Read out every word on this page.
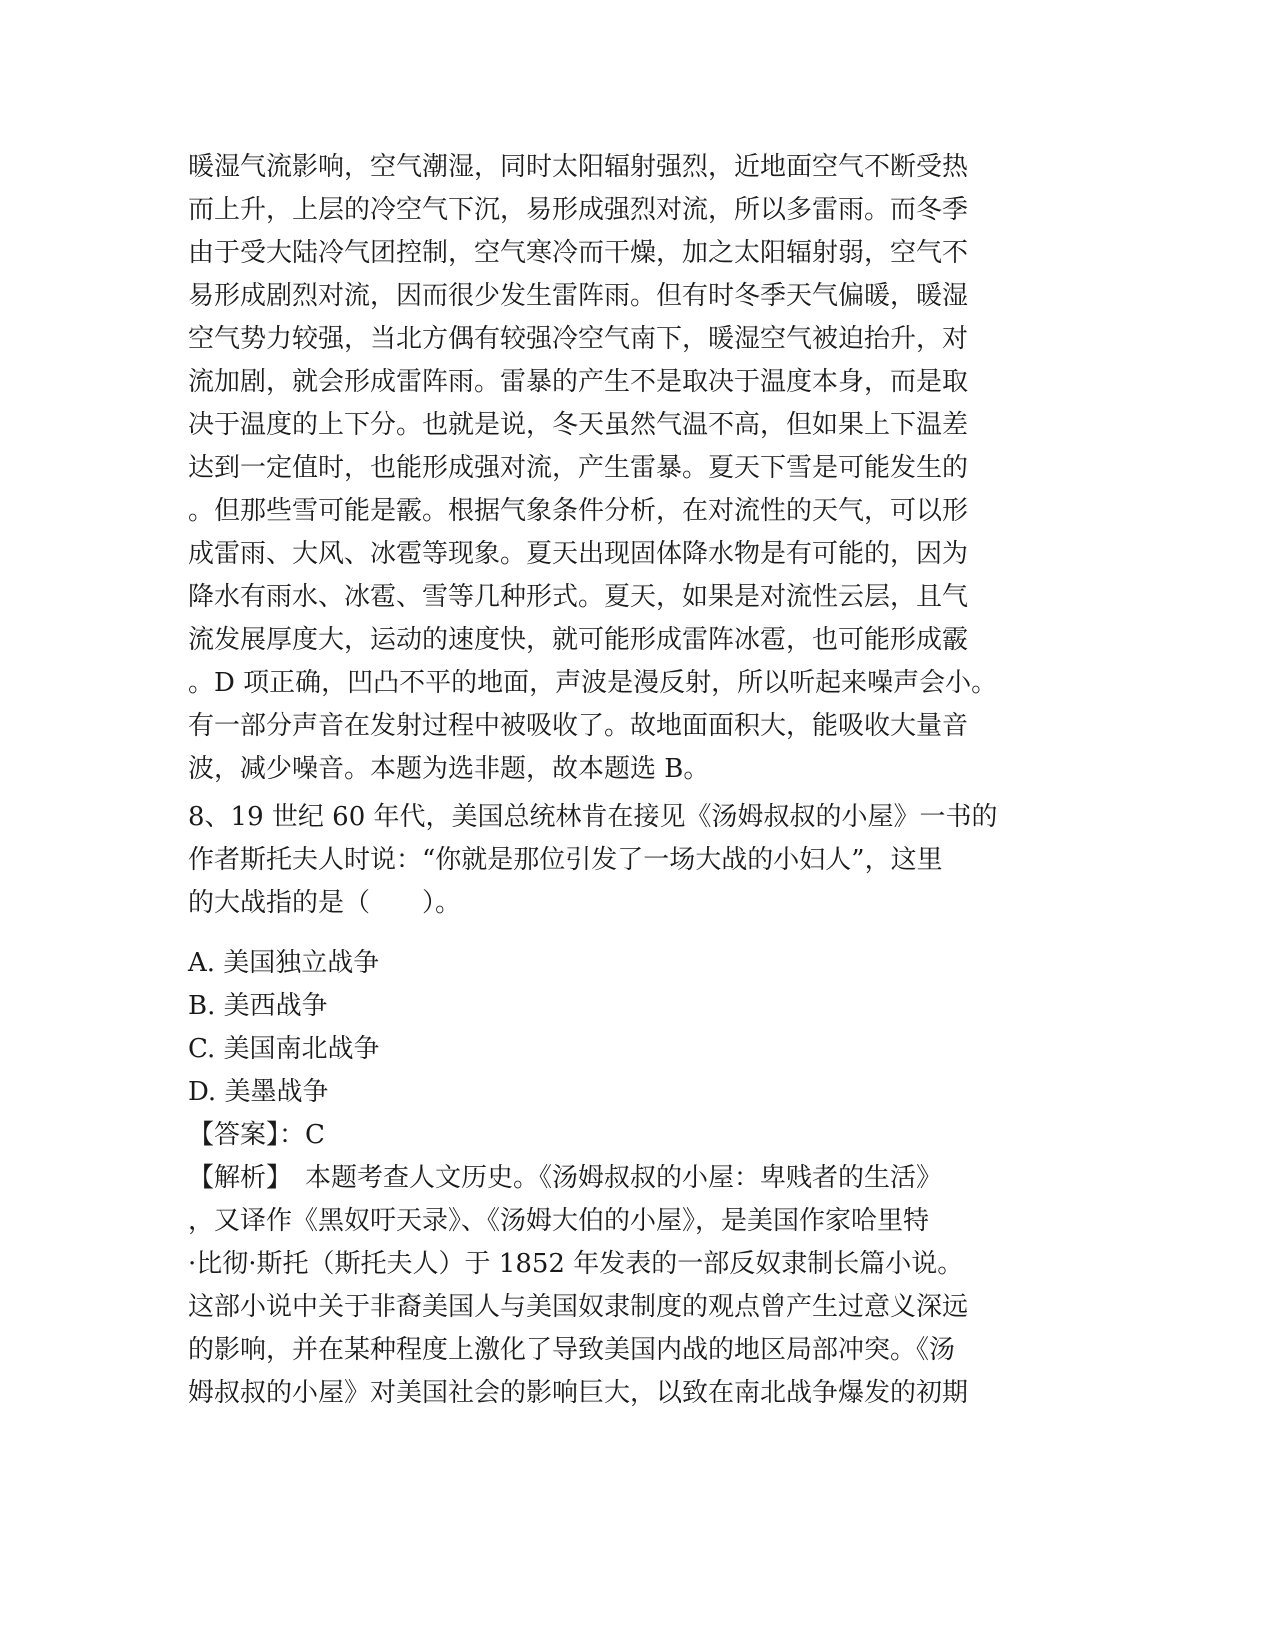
暖湿气流影响，空气潮湿，同时太阳辐射强烈，近地面空气不断受热
而上升，上层的冷空气下沉，易形成强烈对流，所以多雷雨。而冬季
由于受大陆冷气团控制，空气寒冷而干燥，加之太阳辐射弱，空气不
易形成剧烈对流，因而很少发生雷阵雨。但有时冬季天气偏暖，暖湿
空气势力较强，当北方偶有较强冷空气南下，暖湿空气被迫抬升，对
流加剧，就会形成雷阵雨。雷暴的产生不是取决于温度本身，而是取
决于温度的上下分。也就是说，冬天虽然气温不高，但如果上下温差
达到一定值时，也能形成强对流，产生雷暴。夏天下雪是可能发生的
。但那些雪可能是霰。根据气象条件分析，在对流性的天气，可以形
成雷雨、大风、冰雹等现象。夏天出现固体降水物是有可能的，因为
降水有雨水、冰雹、雪等几种形式。夏天，如果是对流性云层，且气
流发展厚度大，运动的速度快，就可能形成雷阵冰雹，也可能形成霰
。D 项正确，凹凸不平的地面，声波是漫反射，所以听起来噪声会小。
有一部分声音在发射过程中被吸收了。故地面面积大，能吸收大量音
波，减少噪音。本题为选非题，故本题选 B。
8、19 世纪 60 年代，美国总统林肯在接见《汤姆叔叔的小屋》一书的
作者斯托夫人时说：“你就是那位引发了一场大战的小妇人”，这里
的大战指的是（　　）。
A. 美国独立战争
B. 美西战争
C. 美国南北战争
D. 美墨战争
【答案】：C
【解析】　本题考查人文历史。《汤姆叔叔的小屋：卑贱者的生活》
，又译作《黑奴吁天录》、《汤姆大伯的小屋》，是美国作家哈里特
·比彻·斯托（斯托夫人）于 1852 年发表的一部反奴隶制长篇小说。
这部小说中关于非裔美国人与美国奴隶制度的观点曾产生过意义深远
的影响，并在某种程度上激化了导致美国内战的地区局部冲突。《汤
姆叔叔的小屋》对美国社会的影响巨大，以致在南北战争爆发的初期
